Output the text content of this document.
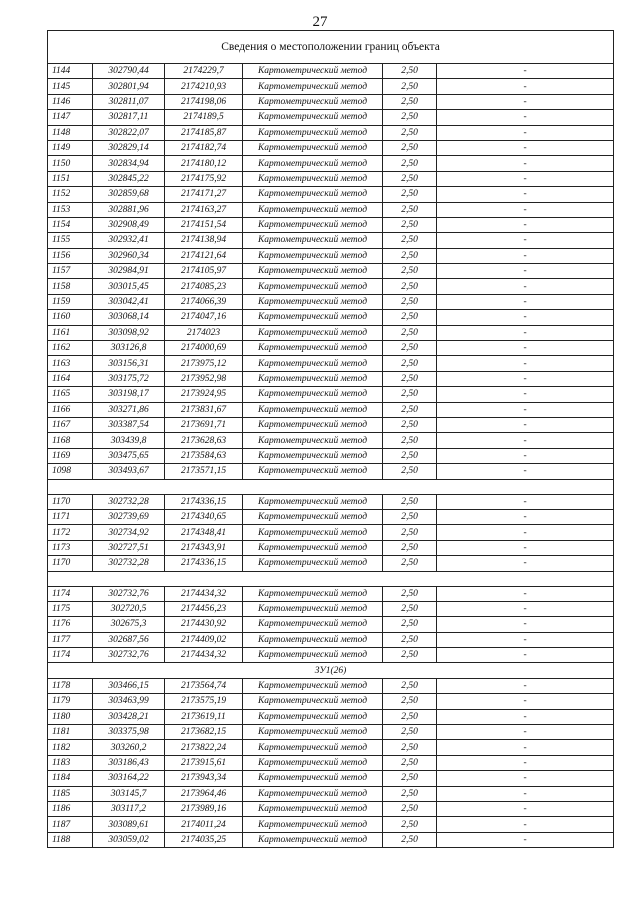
27
Сведения о местоположении границ объекта					
1144	302790,44	2174229,7	Картометрический метод	2,50	-
1145	302801,94	2174210,93	Картометрический метод	2,50	-
1146	302811,07	2174198,06	Картометрический метод	2,50	-
1147	302817,11	2174189,5	Картометрический метод	2,50	-
1148	302822,07	2174185,87	Картометрический метод	2,50	-
1149	302829,14	2174182,74	Картометрический метод	2,50	-
1150	302834,94	2174180,12	Картометрический метод	2,50	-
1151	302845,22	2174175,92	Картометрический метод	2,50	-
1152	302859,68	2174171,27	Картометрический метод	2,50	-
1153	302881,96	2174163,27	Картометрический метод	2,50	-
1154	302908,49	2174151,54	Картометрический метод	2,50	-
1155	302932,41	2174138,94	Картометрический метод	2,50	-
1156	302960,34	2174121,64	Картометрический метод	2,50	-
1157	302984,91	2174105,97	Картометрический метод	2,50	-
1158	303015,45	2174085,23	Картометрический метод	2,50	-
1159	303042,41	2174066,39	Картометрический метод	2,50	-
1160	303068,14	2174047,16	Картометрический метод	2,50	-
1161	303098,92	2174023	Картометрический метод	2,50	-
1162	303126,8	2174000,69	Картометрический метод	2,50	-
1163	303156,31	2173975,12	Картометрический метод	2,50	-
1164	303175,72	2173952,98	Картометрический метод	2,50	-
1165	303198,17	2173924,95	Картометрический метод	2,50	-
1166	303271,86	2173831,67	Картометрический метод	2,50	-
1167	303387,54	2173691,71	Картометрический метод	2,50	-
1168	303439,8	2173628,63	Картометрический метод	2,50	-
1169	303475,65	2173584,63	Картометрический метод	2,50	-
1098	303493,67	2173571,15	Картометрический метод	2,50	-

1170	302732,28	2174336,15	Картометрический метод	2,50	-
1171	302739,69	2174340,65	Картометрический метод	2,50	-
1172	302734,92	2174348,41	Картометрический метод	2,50	-
1173	302727,51	2174343,91	Картометрический метод	2,50	-
1170	302732,28	2174336,15	Картометрический метод	2,50	-

1174	302732,76	2174434,32	Картометрический метод	2,50	-
1175	302720,5	2174456,23	Картометрический метод	2,50	-
1176	302675,3	2174430,92	Картометрический метод	2,50	-
1177	302687,56	2174409,02	Картометрический метод	2,50	-
1174	302732,76	2174434,32	Картометрический метод	2,50	-
ЗУ1(26)					
1178	303466,15	2173564,74	Картометрический метод	2,50	-
1179	303463,99	2173575,19	Картометрический метод	2,50	-
1180	303428,21	2173619,11	Картометрический метод	2,50	-
1181	303375,98	2173682,15	Картометрический метод	2,50	-
1182	303260,2	2173822,24	Картометрический метод	2,50	-
1183	303186,43	2173915,61	Картометрический метод	2,50	-
1184	303164,22	2173943,34	Картометрический метод	2,50	-
1185	303145,7	2173964,46	Картометрический метод	2,50	-
1186	303117,2	2173989,16	Картометрический метод	2,50	-
1187	303089,61	2174011,24	Картометрический метод	2,50	-
1188	303059,02	2174035,25	Картометрический метод	2,50	-
